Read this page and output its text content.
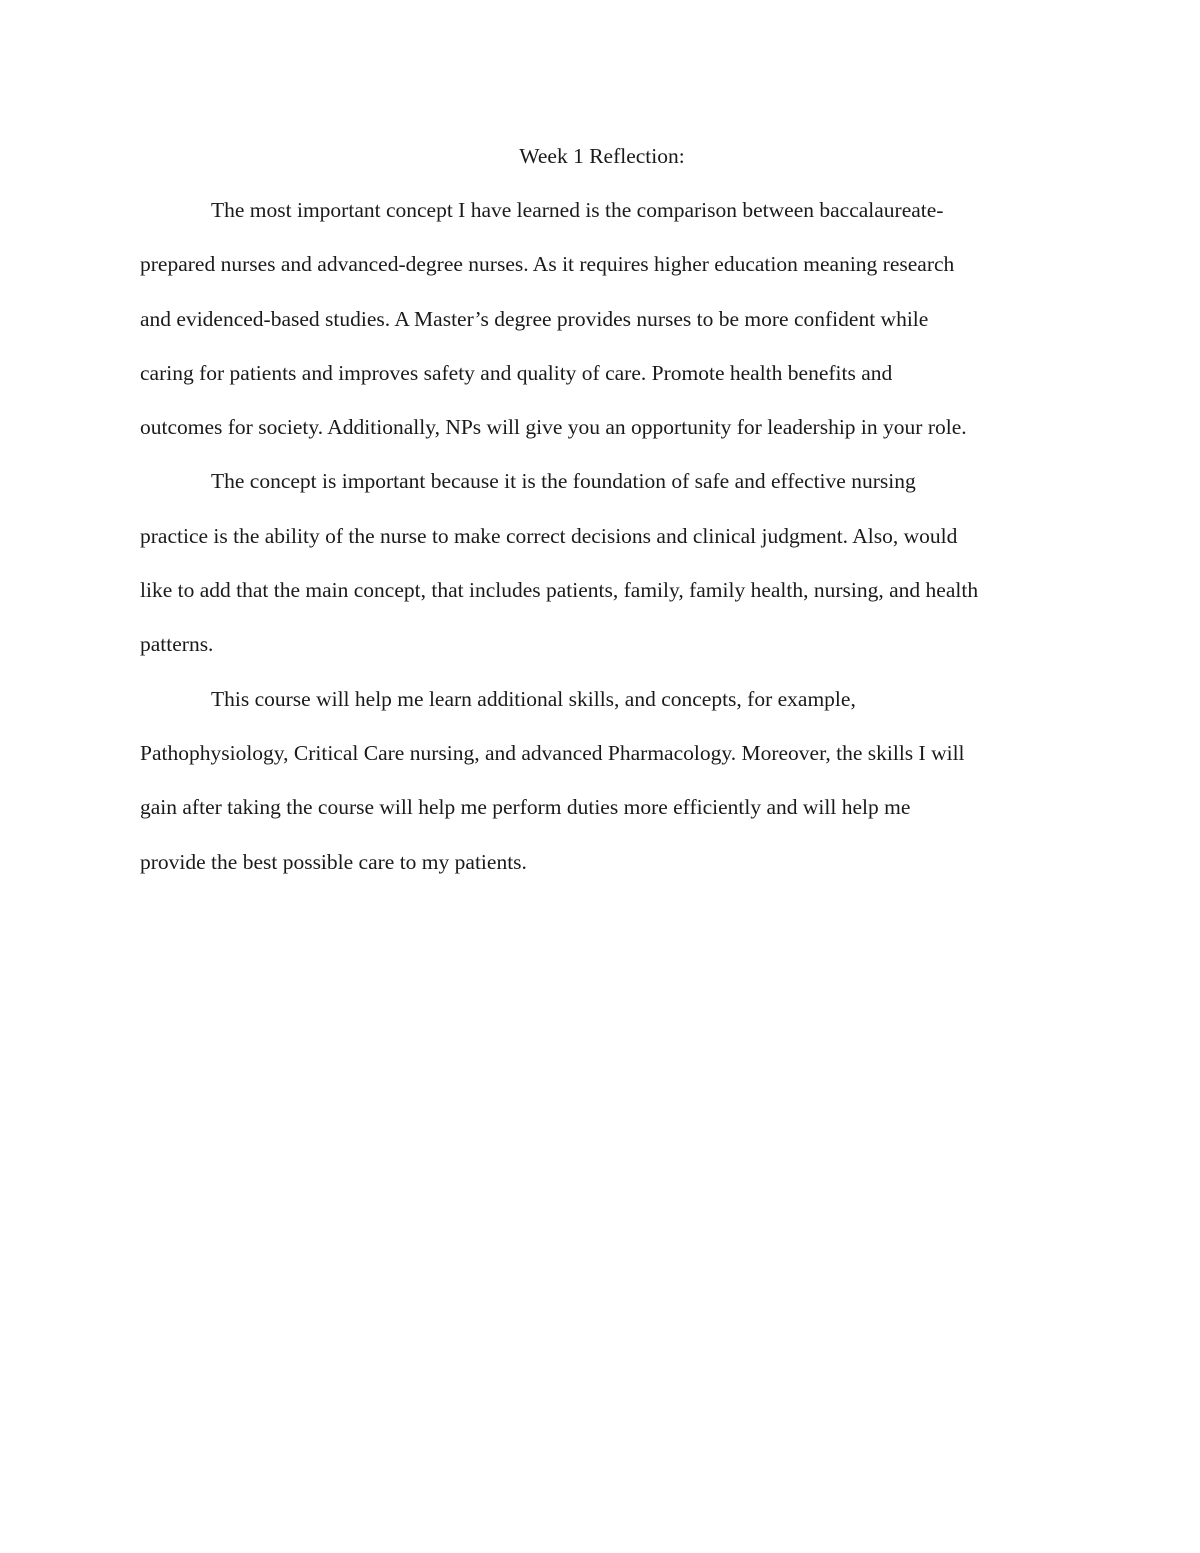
Week 1 Reflection:

The most important concept I have learned is the comparison between baccalaureate-
prepared nurses and advanced-degree nurses. As it requires higher education meaning research
and evidenced-based studies. A Master’s degree provides nurses to be more confident while
caring for patients and improves safety and quality of care. Promote health benefits and
outcomes for society. Additionally, NPs will give you an opportunity for leadership in your role.

The concept is important because it is the foundation of safe and effective nursing
practice is the ability of the nurse to make correct decisions and clinical judgment. Also, would
like to add that the main concept, that includes patients, family, family health, nursing, and health
patterns.

This course will help me learn additional skills, and concepts, for example,
Pathophysiology, Critical Care nursing, and advanced Pharmacology. Moreover, the skills I will
gain after taking the course will help me perform duties more efficiently and will help me
provide the best possible care to my patients.
